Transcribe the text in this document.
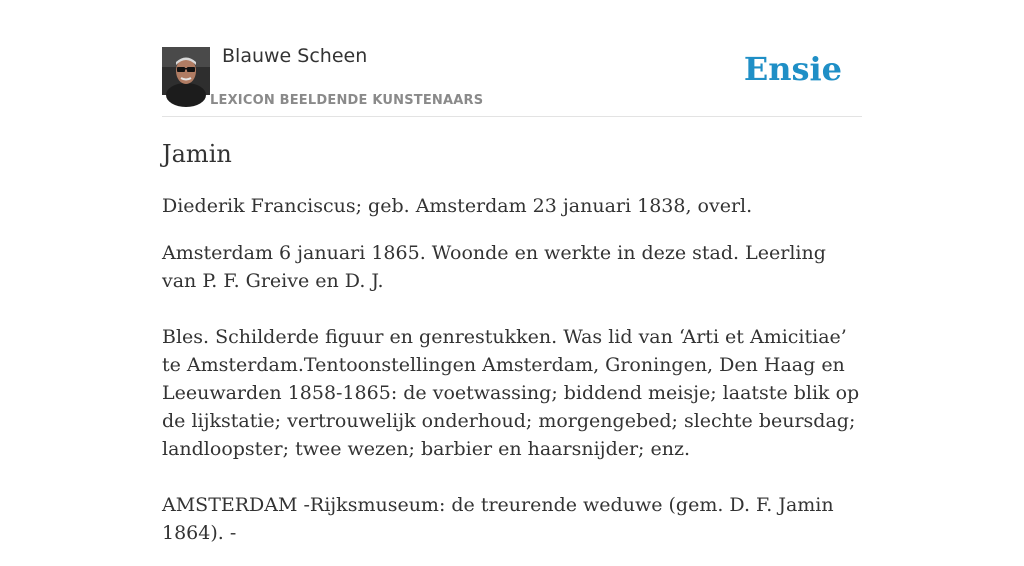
Blauwe Scheen
LEXICON BEELDENDE KUNSTENAARS
Ensie
Jamin

Diederik Franciscus; geb. Amsterdam 23 januari 1838, overl.

Amsterdam 6 januari 1865. Woonde en werkte in deze stad. Leerling van P. F. Greive en D. J.

Bles. Schilderde figuur en genrestukken. Was lid van ‘Arti et Amicitiae’ te Amsterdam.Tentoonstellingen Amsterdam, Groningen, Den Haag en Leeuwarden 1858-1865: de voetwassing; biddend meisje; laatste blik op de lijkstatie; vertrouwelijk onderhoud; morgengebed; slechte beursdag; landloopster; twee wezen; barbier en haarsnijder; enz.

AMSTERDAM -Rijksmuseum: de treurende weduwe (gem. D. F. Jamin 1864). -
